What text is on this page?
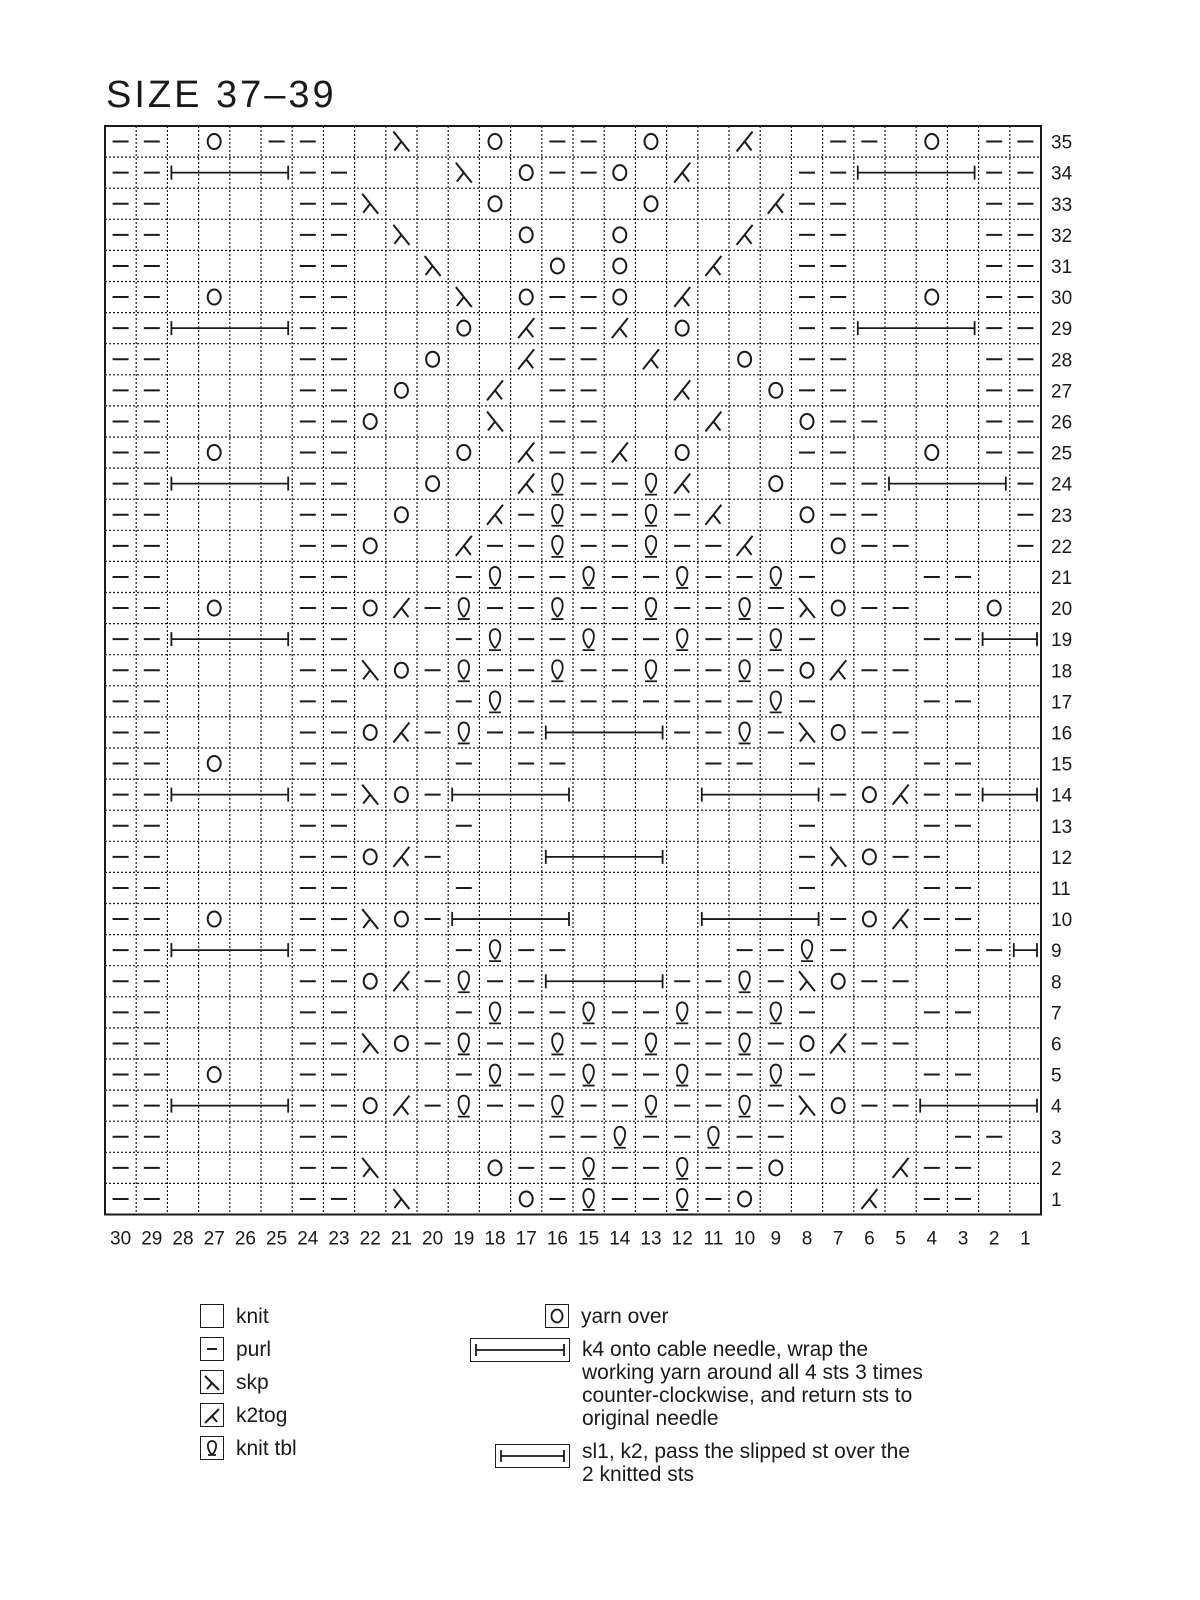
SIZE 37–39
35
34
33
32
31
30
29
28
27
26
25
24
23
22
21
20
19
18
17
16
15
14
13
12
11
10
9
8
7
6
5
4
3
2
1
30 29 28 27 26 25 24 23 22 21 20 19 18 17 16 15 14 13 12 11 10 9 8 7 6 5 4 3 2 1
knit
purl
skp
k2tog
knit tbl
yarn over
k4 onto cable needle, wrap the
working yarn around all 4 sts 3 times
counter-clockwise, and return sts to
original needle
sl1, k2, pass the slipped st over the
2 knitted sts
